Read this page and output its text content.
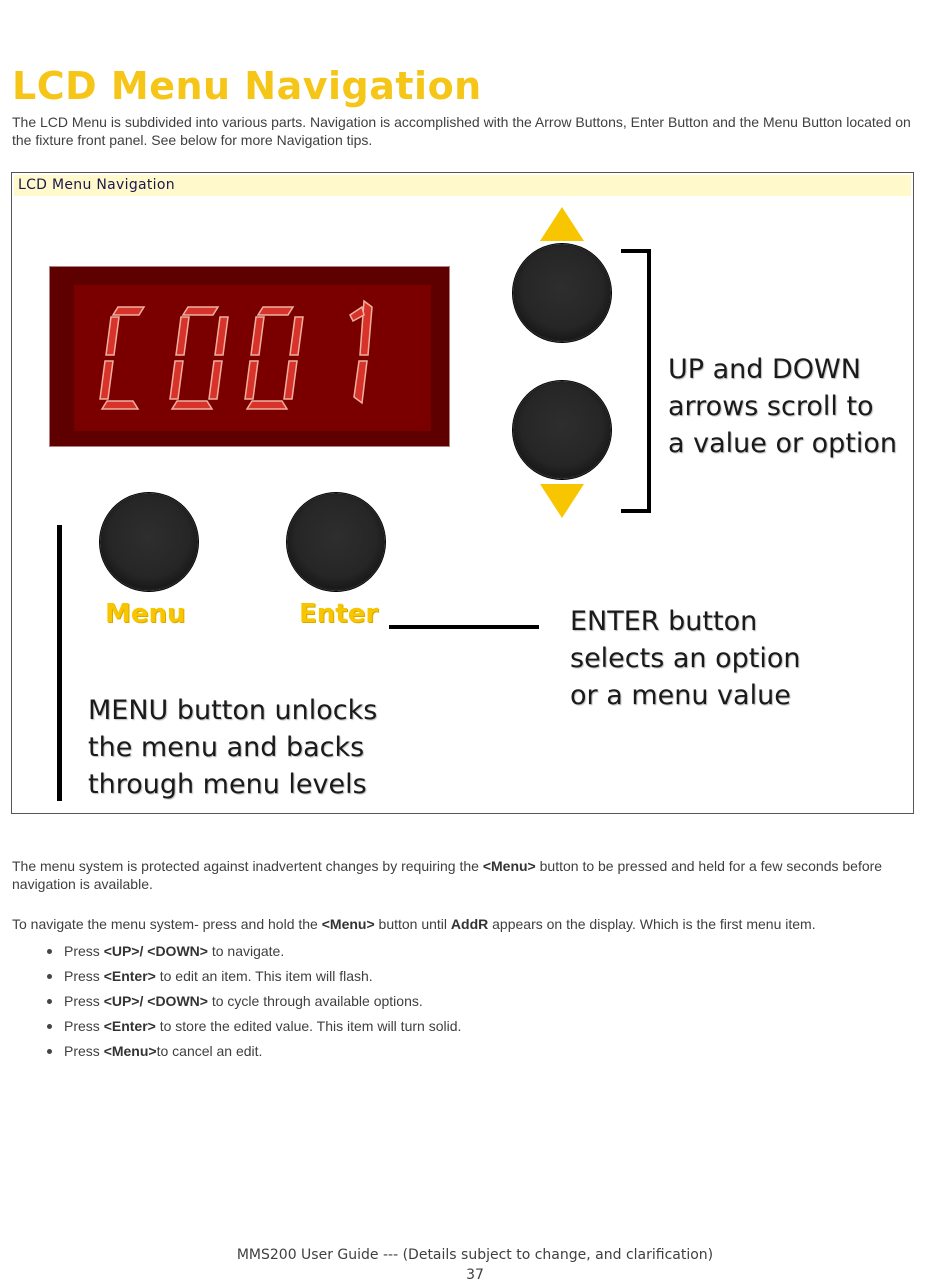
LCD Menu Navigation
The LCD Menu is subdivided into various parts. Navigation is accomplished with the Arrow Buttons, Enter Button and the Menu Button located on the fixture front panel. See below for more Navigation tips.
LCD Menu Navigation
UP and DOWN
arrows scroll to
a value or option
Menu	Enter	ENTER button
selects an option
or a menu value
MENU button unlocks
the menu and backs
through menu levels
The menu system is protected against inadvertent changes by requiring the <Menu> button to be pressed and held for a few seconds before navigation is available.
To navigate the menu system- press and hold the <Menu> button until AddR appears on the display. Which is the first menu item.
Press <UP>/ <DOWN> to navigate.
Press <Enter> to edit an item. This item will flash.
Press <UP>/ <DOWN> to cycle through available options.
Press <Enter> to store the edited value. This item will turn solid.
Press <Menu>to cancel an edit.
MMS200 User Guide --- (Details subject to change, and clarification)
37
